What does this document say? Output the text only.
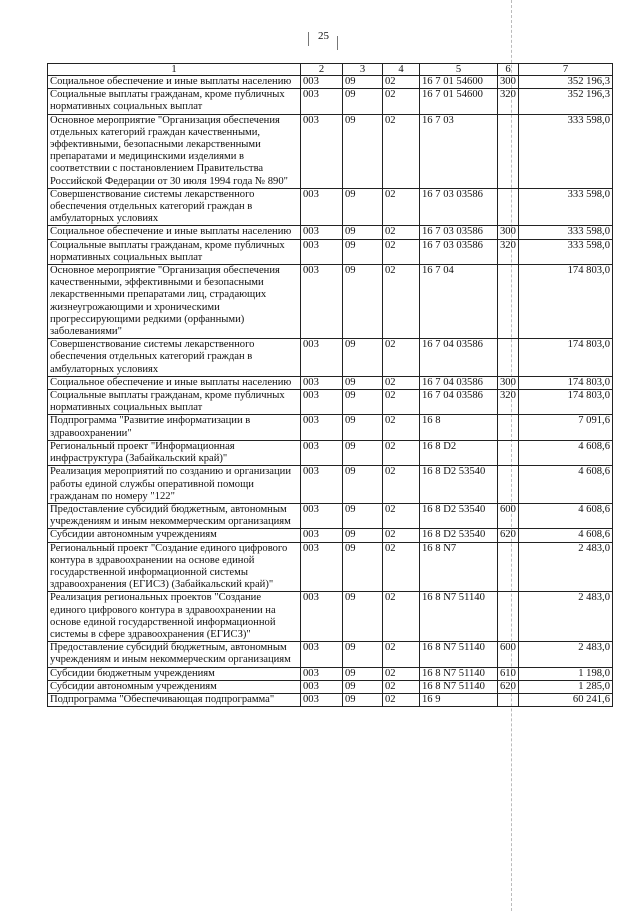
25
1	2	3	4	5	6	7
Социальное обеспечение и иные выплаты населению	003	09	02	16 7 01 54600	300	352 196,3
Социальные выплаты гражданам, кроме публичных нормативных социальных выплат	003	09	02	16 7 01 54600	320	352 196,3
Основное мероприятие "Организация обеспечения отдельных категорий граждан качественными, эффективными, безопасными лекарственными препаратами и медицинскими изделиями в соответствии с постановлением Правительства Российской Федерации от 30 июля 1994 года № 890"	003	09	02	16 7 03		333 598,0
Совершенствование системы лекарственного обеспечения отдельных категорий граждан в амбулаторных условиях	003	09	02	16 7 03 03586		333 598,0
Социальное обеспечение и иные выплаты населению	003	09	02	16 7 03 03586	300	333 598,0
Социальные выплаты гражданам, кроме публичных нормативных социальных выплат	003	09	02	16 7 03 03586	320	333 598,0
Основное мероприятие "Организация обеспечения качественными, эффективными и безопасными лекарственными препаратами лиц, страдающих жизнеугрожающими и хроническими прогрессирующими редкими (орфанными) заболеваниями"	003	09	02	16 7 04		174 803,0
Совершенствование системы лекарственного обеспечения отдельных категорий граждан в амбулаторных условиях	003	09	02	16 7 04 03586		174 803,0
Социальное обеспечение и иные выплаты населению	003	09	02	16 7 04 03586	300	174 803,0
Социальные выплаты гражданам, кроме публичных нормативных социальных выплат	003	09	02	16 7 04 03586	320	174 803,0
Подпрограмма "Развитие информатизации в здравоохранении"	003	09	02	16 8		7 091,6
Региональный проект "Информационная инфраструктура (Забайкальский край)"	003	09	02	16 8 D2		4 608,6
Реализация мероприятий по созданию и организации работы единой службы оперативной помощи гражданам по номеру "122"	003	09	02	16 8 D2 53540		4 608,6
Предоставление субсидий бюджетным, автономным учреждениям и иным некоммерческим организациям	003	09	02	16 8 D2 53540	600	4 608,6
Субсидии автономным учреждениям	003	09	02	16 8 D2 53540	620	4 608,6
Региональный проект "Создание единого цифрового контура в здравоохранении на основе единой государственной информационной системы здравоохранения (ЕГИСЗ) (Забайкальский край)"	003	09	02	16 8 N7		2 483,0
Реализация региональных проектов "Создание единого цифрового контура в здравоохранении на основе единой государственной информационной системы в сфере здравоохранения (ЕГИСЗ)"	003	09	02	16 8 N7 51140		2 483,0
Предоставление субсидий бюджетным, автономным учреждениям и иным некоммерческим организациям	003	09	02	16 8 N7 51140	600	2 483,0
Субсидии бюджетным учреждениям	003	09	02	16 8 N7 51140	610	1 198,0
Субсидии автономным учреждениям	003	09	02	16 8 N7 51140	620	1 285,0
Подпрограмма "Обеспечивающая подпрограмма"	003	09	02	16 9		60 241,6
